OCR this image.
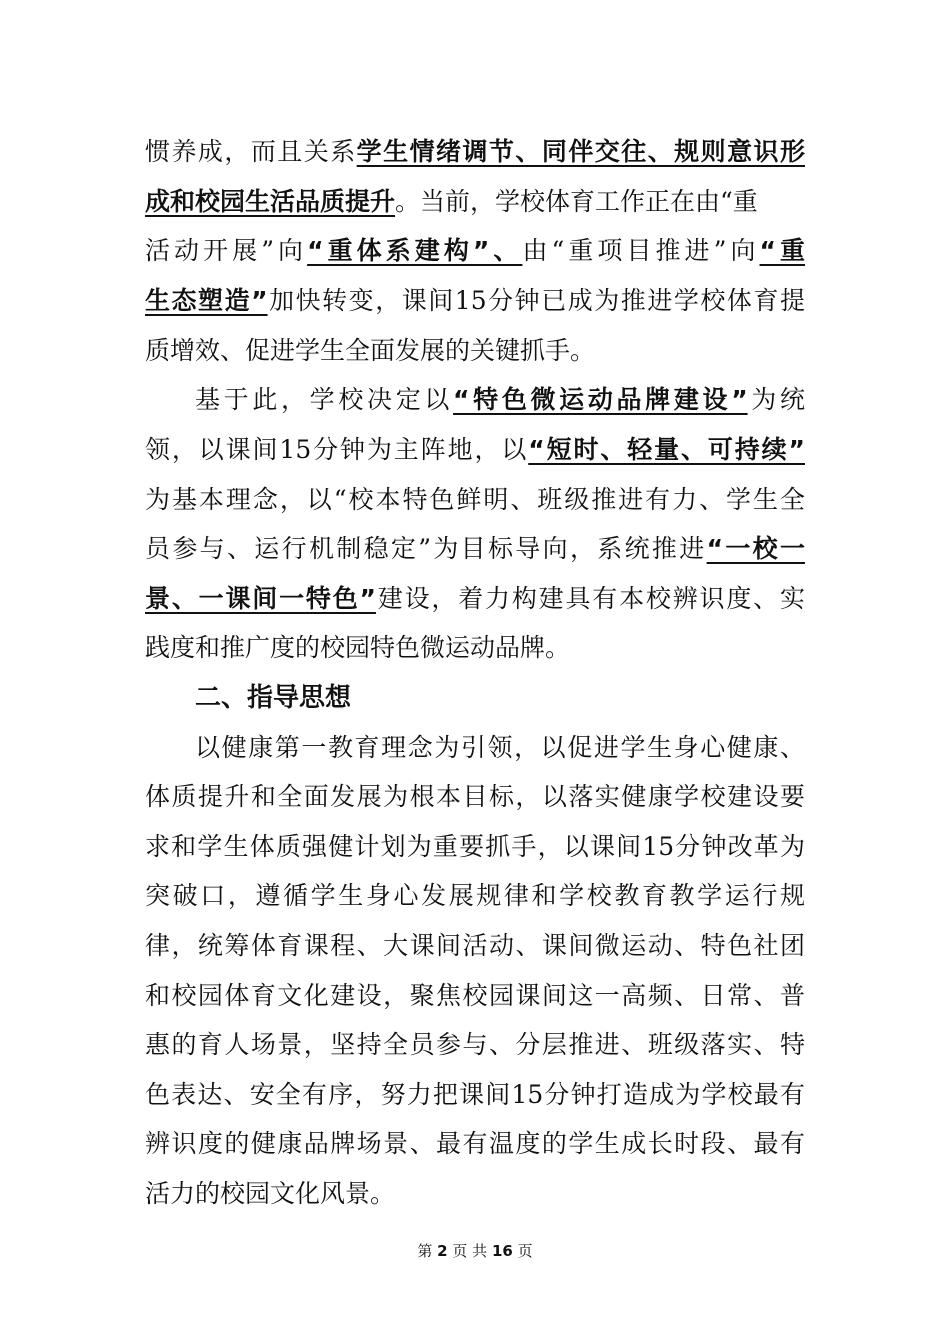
惯养成，而且关系学生情绪调节、同伴交往、规则意识形
成和校园生活品质提升。当前，学校体育工作正在由“重
活动开展”向“重体系建构”、由“重项目推进”向“重
生态塑造”加快转变，课间15分钟已成为推进学校体育提
质增效、促进学生全面发展的关键抓手。
基于此，学校决定以“特色微运动品牌建设”为统
领，以课间15分钟为主阵地，以“短时、轻量、可持续”
为基本理念，以“校本特色鲜明、班级推进有力、学生全
员参与、运行机制稳定”为目标导向，系统推进“一校一
景、一课间一特色”建设，着力构建具有本校辨识度、实
践度和推广度的校园特色微运动品牌。
二、指导思想
以健康第一教育理念为引领，以促进学生身心健康、
体质提升和全面发展为根本目标，以落实健康学校建设要
求和学生体质强健计划为重要抓手，以课间15分钟改革为
突破口，遵循学生身心发展规律和学校教育教学运行规
律，统筹体育课程、大课间活动、课间微运动、特色社团
和校园体育文化建设，聚焦校园课间这一高频、日常、普
惠的育人场景，坚持全员参与、分层推进、班级落实、特
色表达、安全有序，努力把课间15分钟打造成为学校最有
辨识度的健康品牌场景、最有温度的学生成长时段、最有
活力的校园文化风景。
第 2 页 共 16 页
